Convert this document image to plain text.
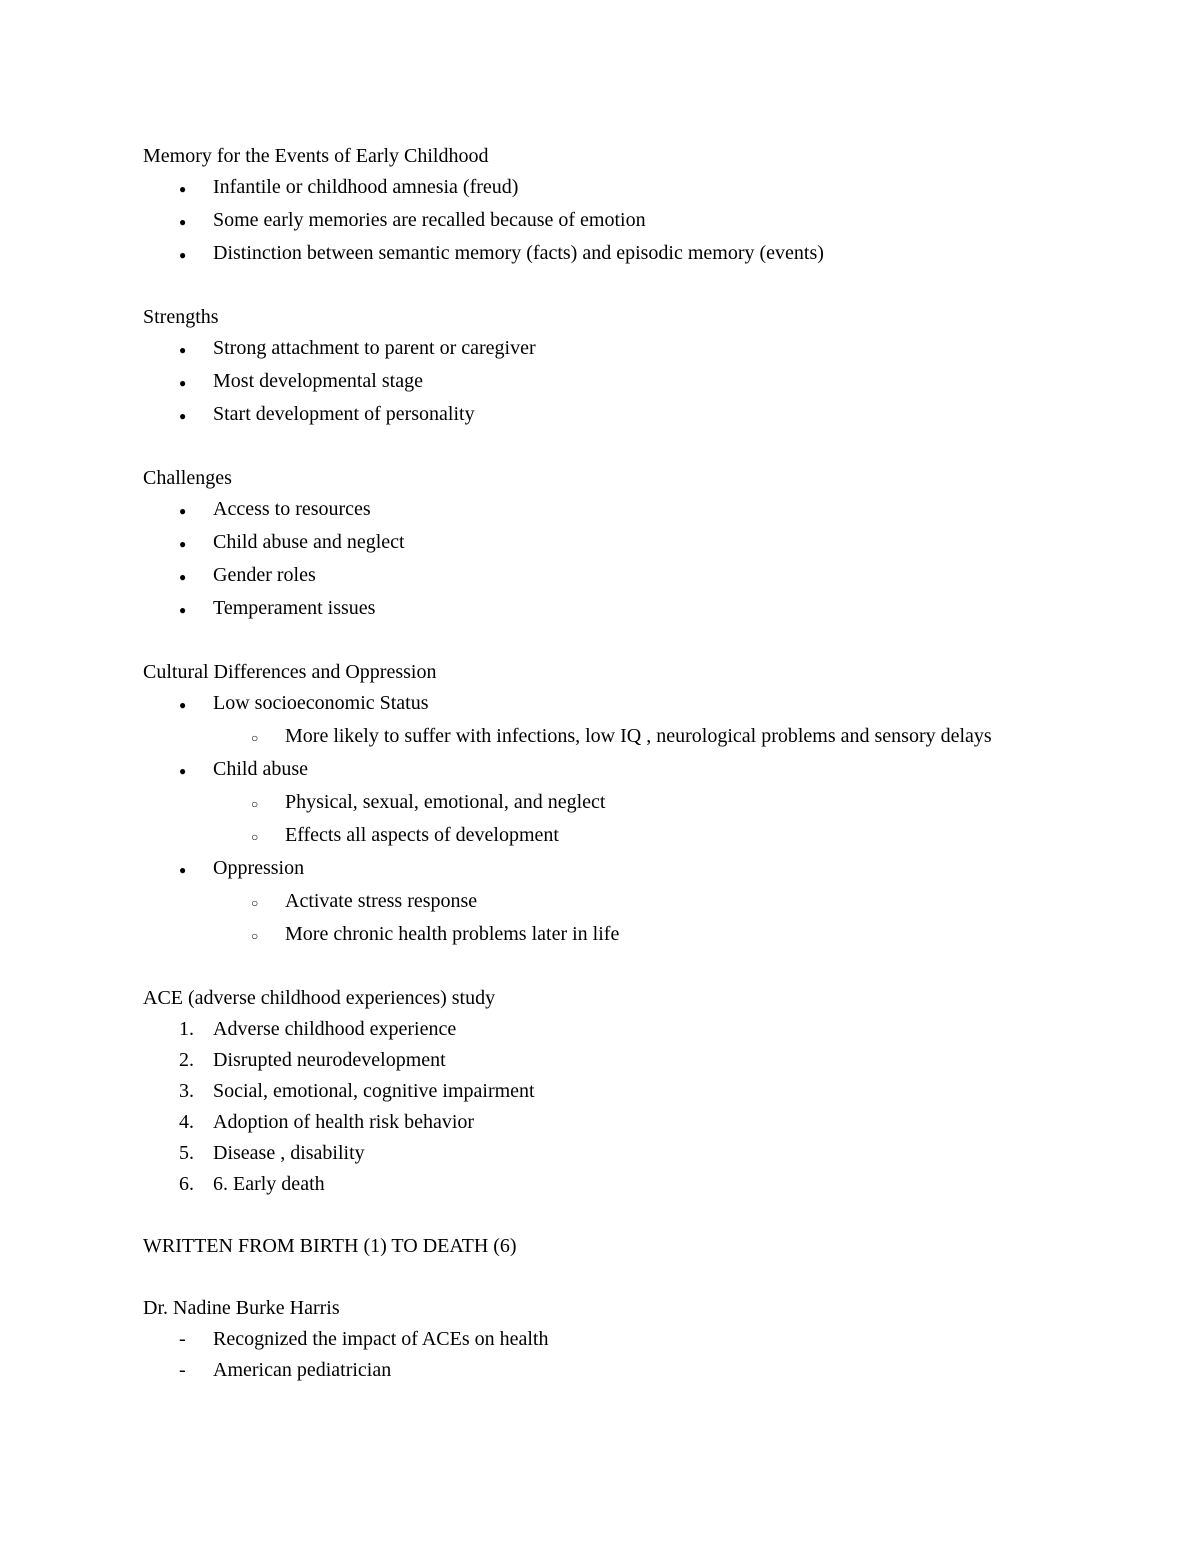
Memory for the Events of Early Childhood
●	Infantile or childhood amnesia (freud)
●	Some early memories are recalled because of emotion
●	Distinction between semantic memory (facts) and episodic memory (events)
Strengths
●	Strong attachment to parent or caregiver
●	Most developmental stage
●	Start development of personality
Challenges
●	Access to resources
●	Child abuse and neglect
●	Gender roles
●	Temperament issues
Cultural Differences and Oppression
●	Low socioeconomic Status
○	More likely to suffer with infections, low IQ , neurological problems and sensory delays
●	Child abuse
○	Physical, sexual, emotional, and neglect
○	Effects all aspects of development
●	Oppression
○	Activate stress response
○	More chronic health problems later in life
ACE (adverse childhood experiences) study
1. Adverse childhood experience
2. Disrupted neurodevelopment
3. Social, emotional, cognitive impairment
4. Adoption of health risk behavior
5. Disease , disability
6. 6. Early death
WRITTEN FROM BIRTH (1) TO DEATH (6)
Dr. Nadine Burke Harris
-	Recognized the impact of ACEs on health
-	American pediatrician
